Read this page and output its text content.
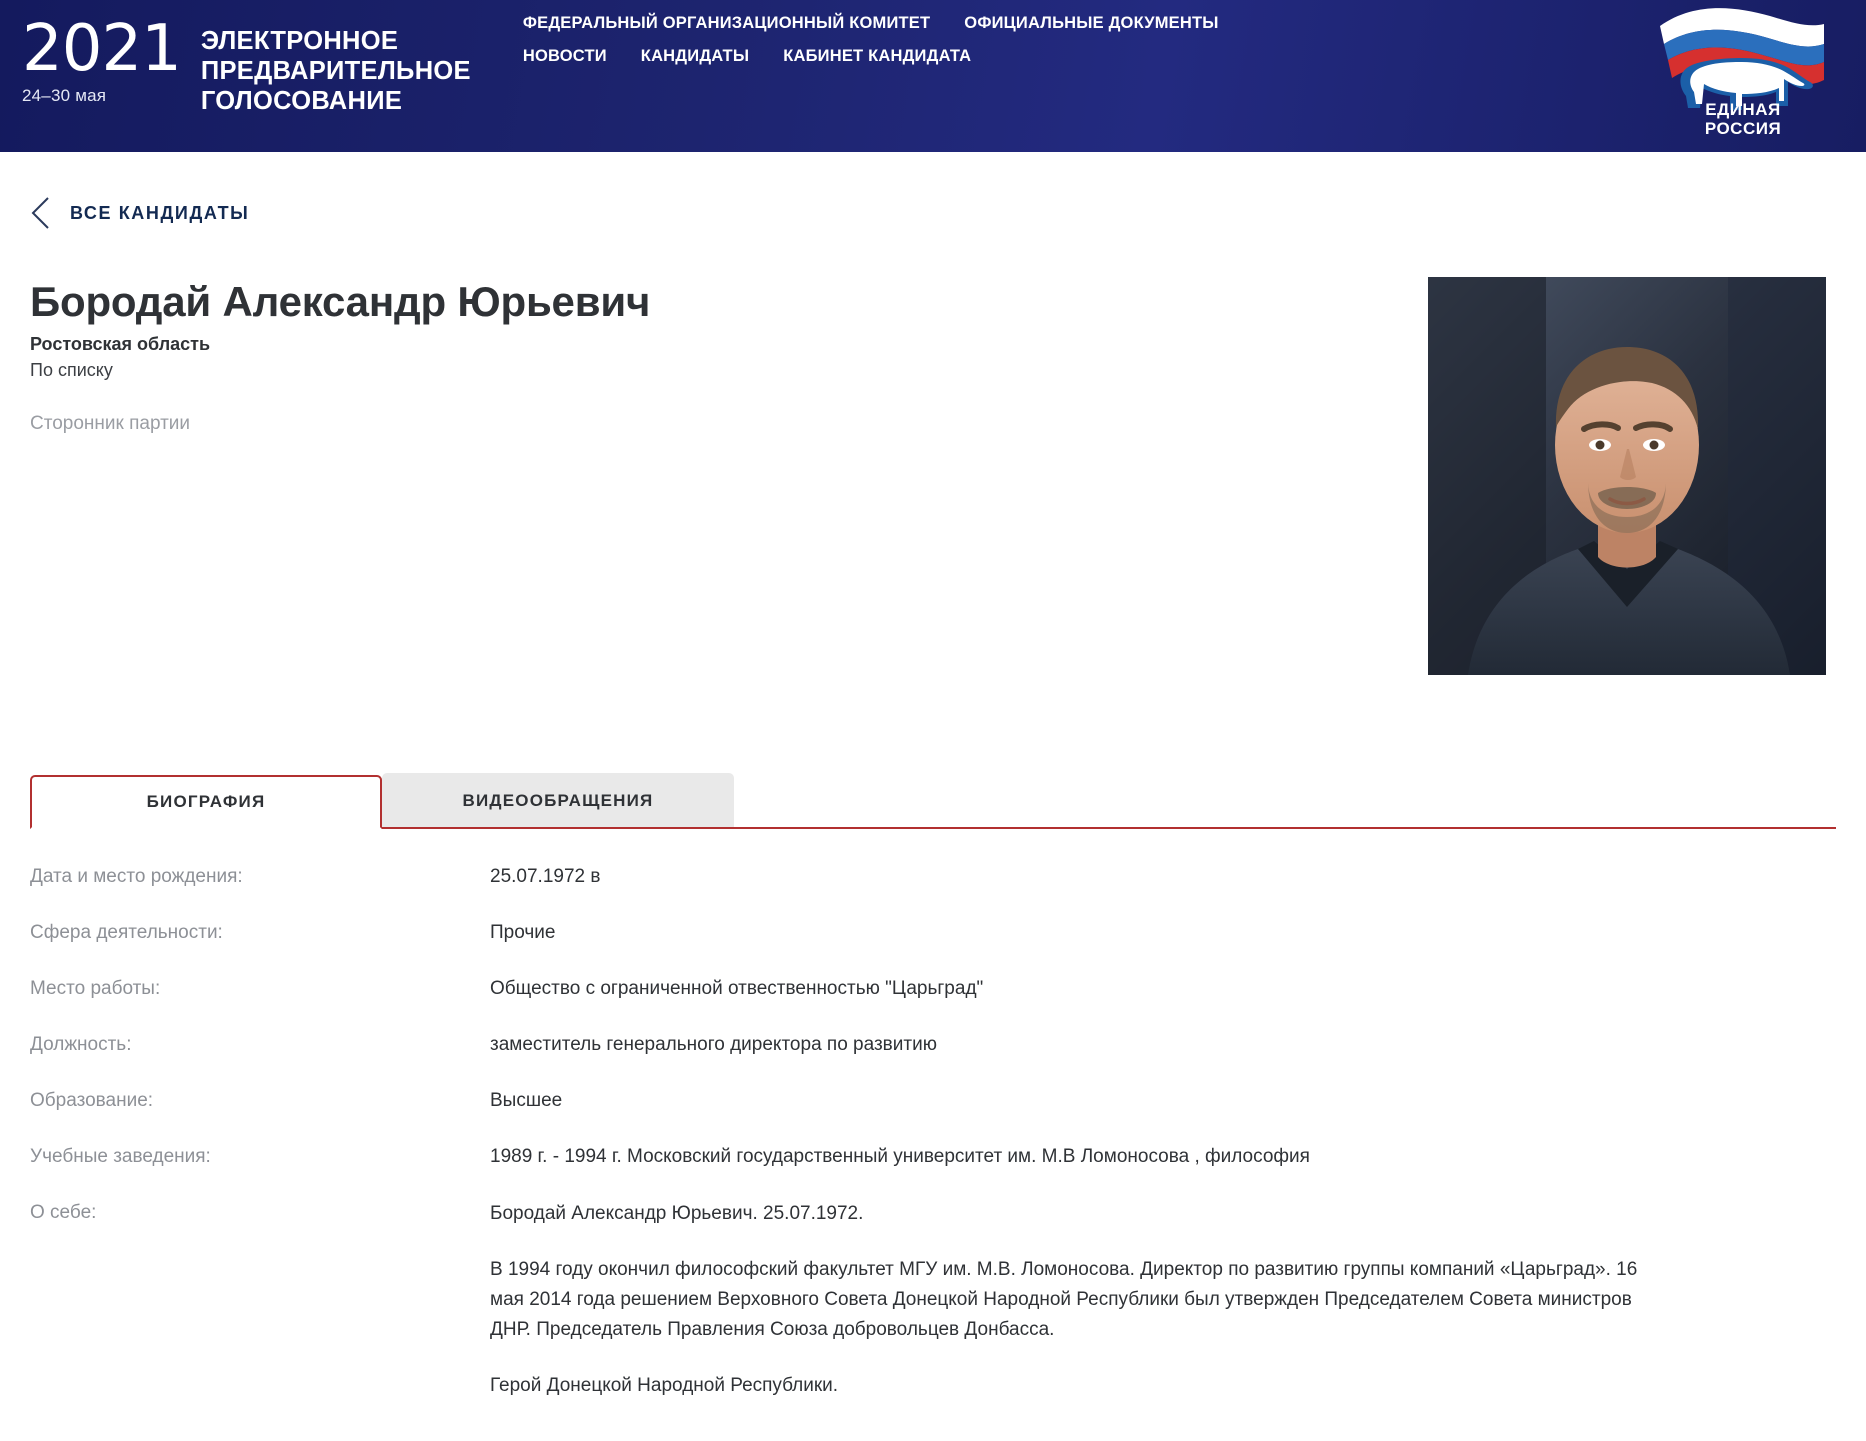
2021
24–30 мая
ЭЛЕКТРОННОЕ
ПРЕДВАРИТЕЛЬНОЕ
ГОЛОСОВАНИЕ
ФЕДЕРАЛЬНЫЙ ОРГАНИЗАЦИОННЫЙ КОМИТЕТ ОФИЦИАЛЬНЫЕ ДОКУМЕНТЫ
НОВОСТИ КАНДИДАТЫ КАБИНЕТ КАНДИДАТА
ЕДИНАЯ
РОССИЯ
ВСЕ КАНДИДАТЫ
Бородай Александр Юрьевич
Ростовская область
По списку
Сторонник партии
БИОГРАФИЯ	ВИДЕООБРАЩЕНИЯ
Дата и место рождения:	25.07.1972 в
Сфера деятельности:	Прочие
Место работы:	Общество с ограниченной отвественностью "Царьград"
Должность:	заместитель генерального директора по развитию
Образование:	Высшее
Учебные заведения:	1989 г. - 1994 г. Московский государственный университет им. М.В Ломоносова , философия
О себе:	Бородай Александр Юрьевич. 25.07.1972.

В 1994 году окончил философский факультет МГУ им. М.В. Ломоносова. Директор по развитию группы компаний «Царьград». 16 мая 2014 года решением Верховного Совета Донецкой Народной Республики был утвержден Председателем Совета министров ДНР. Председатель Правления Союза добровольцев Донбасса.

Герой Донецкой Народной Республики.
